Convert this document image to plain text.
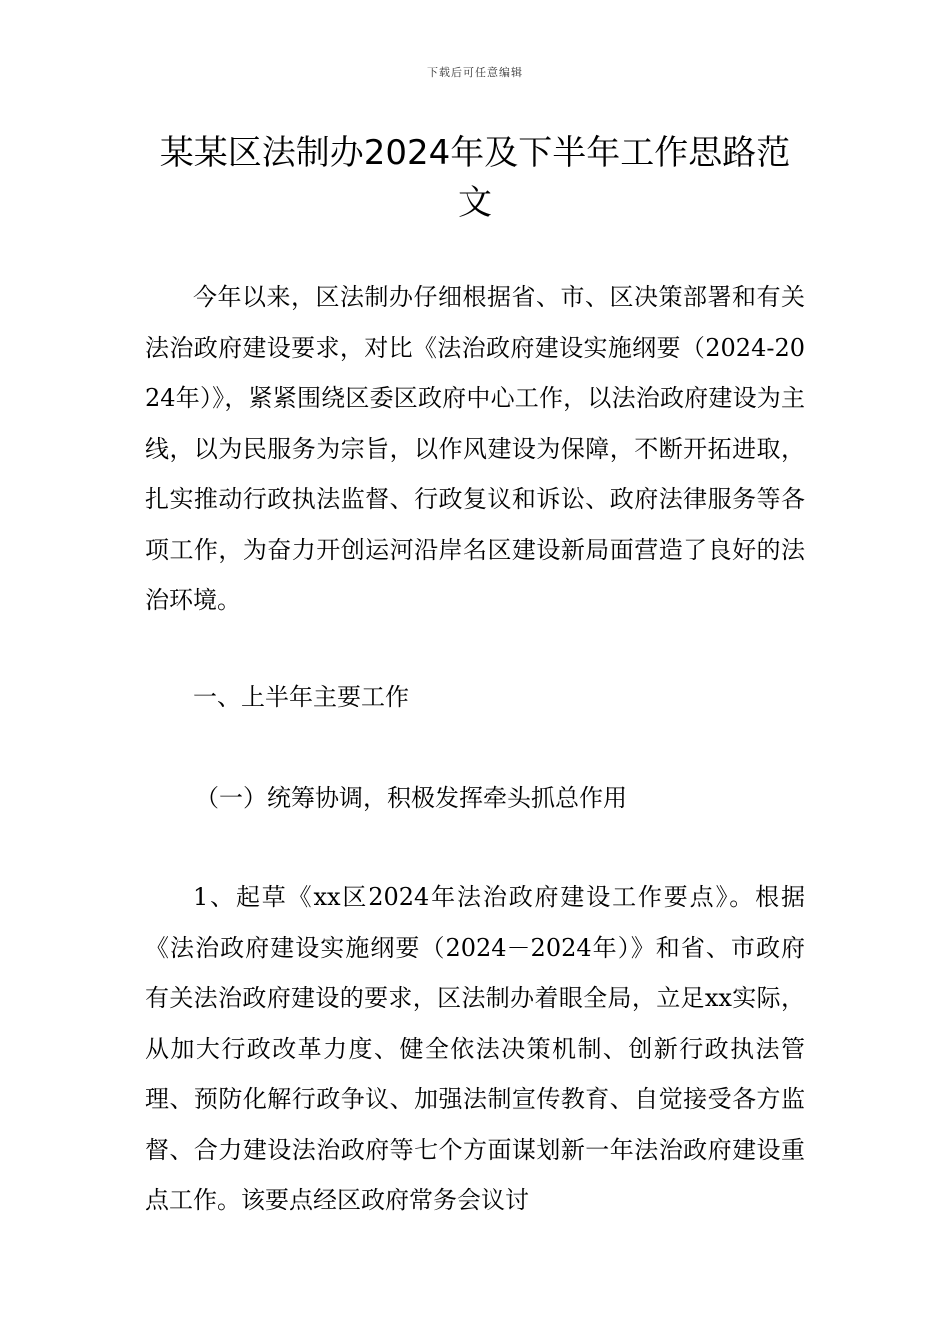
下载后可任意编辑
某某区法制办2024年及下半年工作思路范文

今年以来，区法制办仔细根据省、市、区决策部署和有关法治政府建设要求，对比《法治政府建设实施纲要（2024-2024年）》，紧紧围绕区委区政府中心工作，以法治政府建设为主线，以为民服务为宗旨，以作风建设为保障，不断开拓进取，扎实推动行政执法监督、行政复议和诉讼、政府法律服务等各项工作，为奋力开创运河沿岸名区建设新局面营造了良好的法治环境。

一、上半年主要工作

（一）统筹协调，积极发挥牵头抓总作用

1、起草《xx区2024年法治政府建设工作要点》。根据《法治政府建设实施纲要（2024－2024年）》和省、市政府有关法治政府建设的要求，区法制办着眼全局，立足xx实际，从加大行政改革力度、健全依法决策机制、创新行政执法管理、预防化解行政争议、加强法制宣传教育、自觉接受各方监督、合力建设法治政府等七个方面谋划新一年法治政府建设重点工作。该要点经区政府常务会议讨
